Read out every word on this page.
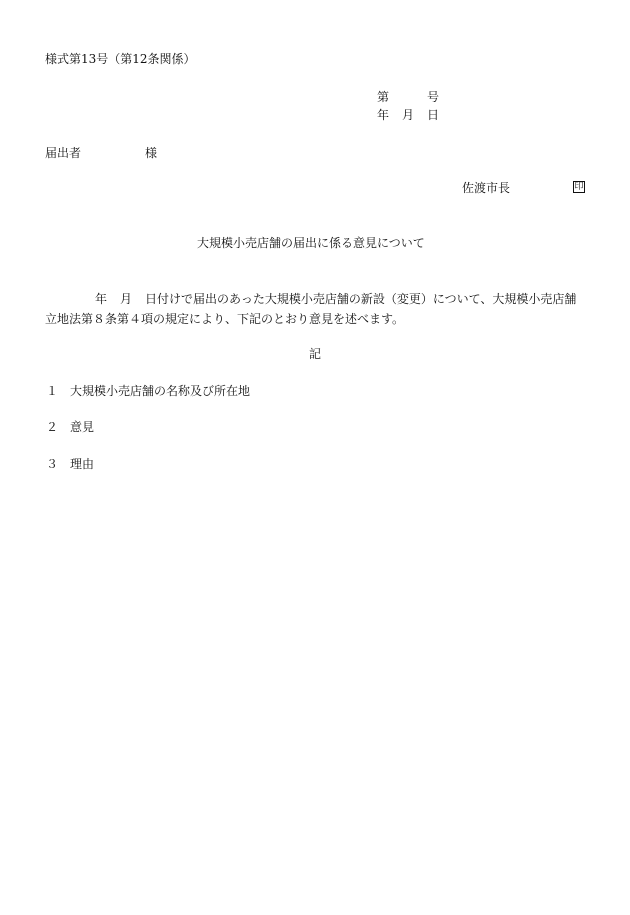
様式第13号（第12条関係）

第	号
年 月 日
届出者	様
佐渡市長	印
大規模小売店舗の届出に係る意見について
年 月 日付けで届出のあった大規模小売店舗の新設（変更）について、大規模小売店舗
立地法第８条第４項の規定により、下記のとおり意見を述べます。
記
１ 大規模小売店舗の名称及び所在地
２ 意見
３ 理由
